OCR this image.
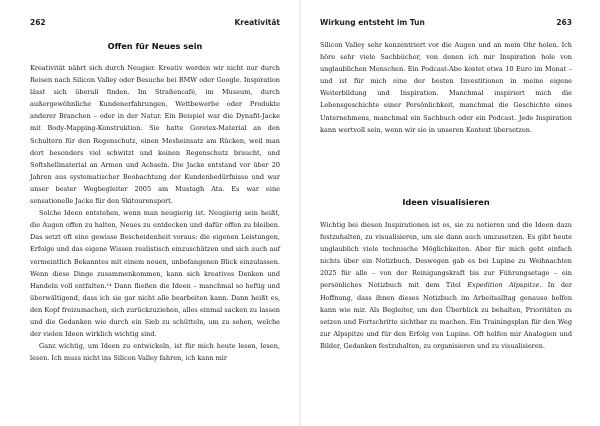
262	Kreativität
Offen für Neues sein

Kreativität nährt sich durch Neugier. Kreativ werden wir nicht nur durch Reisen nach Silicon Valley oder Besuche bei BMW oder Google. Inspiration lässt sich überall finden. Im Straßencafé, im Museum, durch außergewöhnliche Kundenerfahrungen, Wettbewerbe oder Produkte anderer Branchen – oder in der Natur. Ein Beispiel war die Dynafit-Jacke mit Body-Mapping-Konstruktion. Sie hatte Goretex-Material an den Schultern für den Regenschutz, einen Mesheinsatz am Rücken, weil man dort besonders viel schwitzt und keinen Regenschutz braucht, und Softshellmaterial an Armen und Achseln. Die Jacke entstand vor über 20 Jahren aus systematischer Beobachtung der Kundenbedürfnisse und war unser bester Wegbegleiter 2005 am Mustagh Ata. Es war eine sensationelle Jacke für den Skitourensport.

Solche Ideen entstehen, wenn man neugierig ist. Neugierig sein heißt, die Augen offen zu halten, Neues zu entdecken und dafür offen zu bleiben. Das setzt oft eine gewisse Bescheidenheit voraus: die eigenen Leistungen, Erfolge und das eigene Wissen realistisch einzuschätzen und sich auch auf vermeintlich Bekanntes mit einem neuen, unbefangenen Blick einzulassen. Wenn diese Dinge zusammenkommen, kann sich kreatives Denken und Handeln voll entfalten.¹⁴ Dann fließen die Ideen – manchmal so heftig und überwältigend, dass ich sie gar nicht alle bearbeiten kann. Dann heißt es, den Kopf freizumachen, sich zurückzuziehen, alles einmal sacken zu lassen und die Gedanken wie durch ein Sieb zu schütteln, um zu sehen, welche der vielen Ideen wirklich wichtig sind.

Ganz wichtig, um Ideen zu entwickeln, ist für mich heute lesen, lesen, lesen. Ich muss nicht ins Silicon Valley fahren, ich kann mir

Wirkung entsteht im Tun	263

Silicon Valley sehr konzentriert vor die Augen und an mein Ohr holen. Ich höre sehr viele Sachbücher, von denen ich mir Inspiration hole von unglaublichen Menschen. Ein Podcast-Abo kostet etwa 10 Euro im Monat – und ist für mich eine der besten Investitionen in meine eigene Weiterbildung und Inspiration. Manchmal inspiriert mich die Lebensgeschichte einer Persönlichkeit, manchmal die Geschichte eines Unternehmens, manchmal ein Sachbuch oder ein Podcast. Jede Inspiration kann wertvoll sein, wenn wir sie in unseren Kontext übersetzen.

Ideen visualisieren

Wichtig bei diesen Inspirationen ist es, sie zu notieren und die Ideen dazu festzuhalten, zu visualisieren, um sie dann auch umzusetzen. Es gibt heute unglaublich viele technische Möglichkeiten. Aber für mich geht einfach nichts über ein Notizbuch. Deswegen gab es bei Lupine zu Weihnachten 2025 für alle – von der Reinigungskraft bis zur Führungsetage – ein persönliches Notizbuch mit dem Titel Expedition Alpspitze. In der Hoffnung, dass ihnen dieses Notizbuch im Arbeitsalltag genauso helfen kann wie mir. Als Begleiter, um den Überblick zu behalten, Prioritäten zu setzen und Fortschritte sichtbar zu machen. Ein Trainingsplan für den Weg zur Alpspitze und für den Erfolg von Lupine. Oft helfen mir Analogien und Bilder, Gedanken festzuhalten, zu organisieren und zu visualisieren.
